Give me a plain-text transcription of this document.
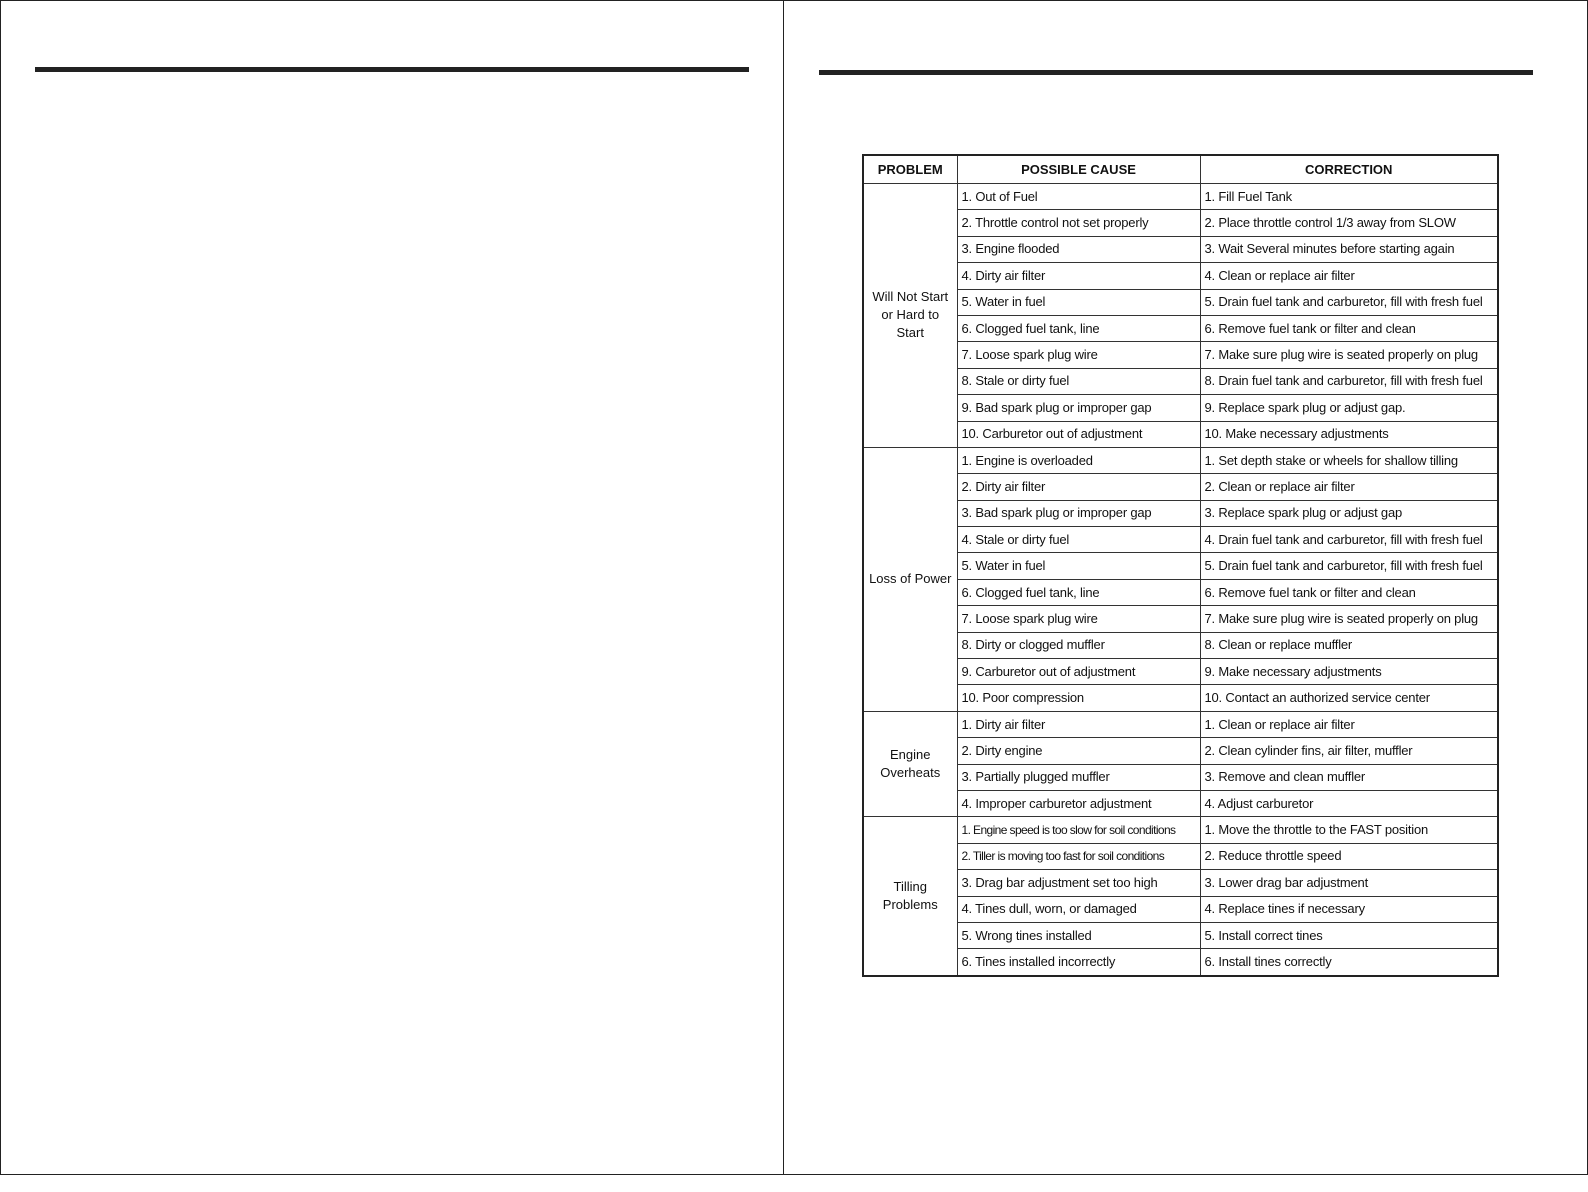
PROBLEM	POSSIBLE CAUSE	CORRECTION
Will Not Start or Hard to Start	1. Out of Fuel	1. Fill Fuel Tank
	2. Throttle control not set properly	2. Place throttle control 1/3 away from SLOW
	3. Engine flooded	3. Wait Several minutes before starting again
	4. Dirty air filter	4. Clean or replace air filter
	5. Water in fuel	5. Drain fuel tank and carburetor, fill with fresh fuel
	6. Clogged fuel tank, line	6. Remove fuel tank or filter and clean
	7. Loose spark plug wire	7. Make sure plug wire is seated properly on plug
	8. Stale or dirty fuel	8. Drain fuel tank and carburetor, fill with fresh fuel
	9. Bad spark plug or improper gap	9. Replace spark plug or adjust gap.
	10. Carburetor out of adjustment	10. Make necessary adjustments
Loss of Power	1. Engine is overloaded	1. Set depth stake or wheels for shallow tilling
	2. Dirty air filter	2. Clean or replace air filter
	3. Bad spark plug or improper gap	3. Replace spark plug or adjust gap
	4. Stale or dirty fuel	4. Drain fuel tank and carburetor, fill with fresh fuel
	5. Water in fuel	5. Drain fuel tank and carburetor, fill with fresh fuel
	6. Clogged fuel tank, line	6. Remove fuel tank or filter and clean
	7. Loose spark plug wire	7. Make sure plug wire is seated properly on plug
	8. Dirty or clogged muffler	8. Clean or replace muffler
	9. Carburetor out of adjustment	9. Make necessary adjustments
	10. Poor compression	10. Contact an authorized service center
Engine Overheats	1. Dirty air filter	1. Clean or replace air filter
	2. Dirty engine	2. Clean cylinder fins, air filter, muffler
	3. Partially plugged muffler	3. Remove and clean muffler
	4. Improper carburetor adjustment	4. Adjust carburetor
Tilling Problems	1. Engine speed is too slow for soil conditions	1. Move the throttle to the FAST position
	2. Tiller is moving too fast for soil conditions	2. Reduce throttle speed
	3. Drag bar adjustment set too high	3. Lower drag bar adjustment
	4. Tines dull, worn, or damaged	4. Replace tines if necessary
	5. Wrong tines installed	5. Install correct tines
	6. Tines installed incorrectly	6. Install tines correctly
